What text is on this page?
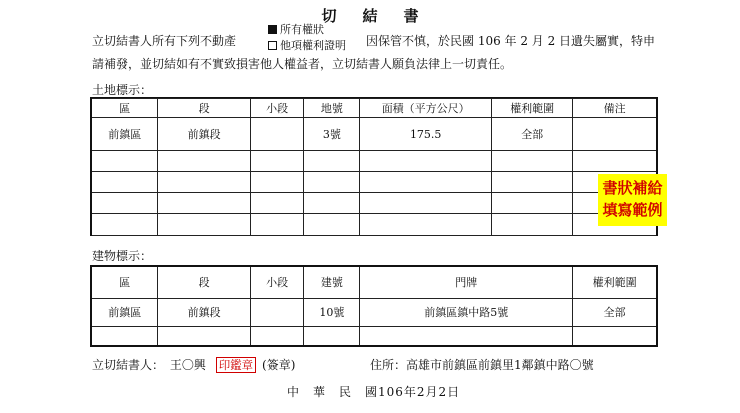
切結書
立切結書人所有下列不動產
所有權狀
他項權利證明 因保管不慎，於民國 106 年 2 月 2 日遺失屬實，特申
請補發，並切結如有不實致損害他人權益者，立切結書人願負法律上一切責任。
土地標示：
區	段	小段	地號	面積（平方公尺）	權利範圍	備注
前鎮區	前鎮段		3號	175.5	全部	

書狀補給
填寫範例
建物標示：
區	段	小段	建號	門牌	權利範圍
前鎮區	前鎮段		10號	前鎮區鎮中路5號	全部

立切結書人： 王〇興 印鑑章 (簽章)	住所：高雄市前鎮區前鎮里1鄰鎮中路〇號
中　華　民　國106年2月2日
